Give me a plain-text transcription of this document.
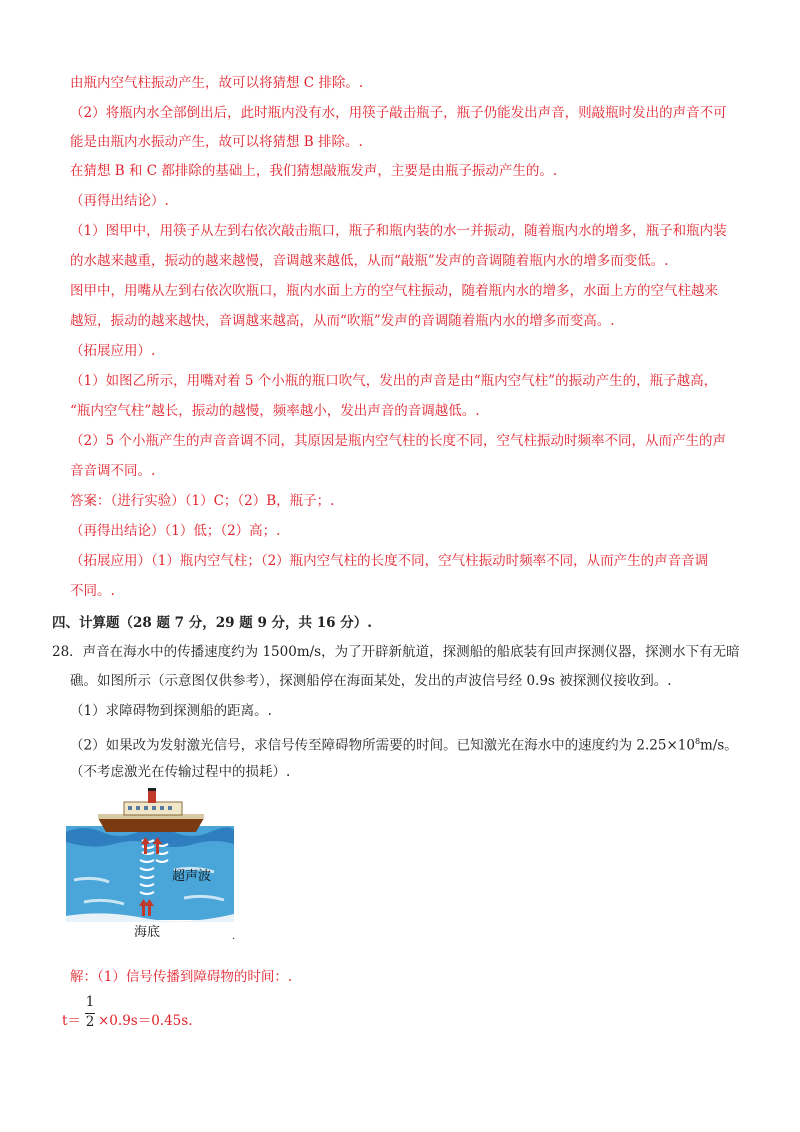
由瓶内空气柱振动产生，故可以将猜想 C 排除。.
（2）将瓶内水全部倒出后，此时瓶内没有水，用筷子敲击瓶子，瓶子仍能发出声音，则敲瓶时发出的声音不可
能是由瓶内水振动产生，故可以将猜想 B 排除。.
在猜想 B 和 C 都排除的基础上，我们猜想敲瓶发声，主要是由瓶子振动产生的。.
（再得出结论）.
（1）图甲中，用筷子从左到右依次敲击瓶口，瓶子和瓶内装的水一并振动，随着瓶内水的增多，瓶子和瓶内装
的水越来越重，振动的越来越慢，音调越来越低，从而“敲瓶”发声的音调随着瓶内水的增多而变低。.
图甲中，用嘴从左到右依次吹瓶口，瓶内水面上方的空气柱振动，随着瓶内水的增多，水面上方的空气柱越来
越短，振动的越来越快，音调越来越高，从而“吹瓶”发声的音调随着瓶内水的增多而变高。.
（拓展应用）.
（1）如图乙所示，用嘴对着 5 个小瓶的瓶口吹气，发出的声音是由“瓶内空气柱”的振动产生的，瓶子越高，
“瓶内空气柱”越长，振动的越慢，频率越小，发出声音的音调越低。.
（2）5 个小瓶产生的声音音调不同，其原因是瓶内空气柱的长度不同，空气柱振动时频率不同，从而产生的声
音音调不同。.
答案：（进行实验）（1）C；（2）B，瓶子；.
（再得出结论）（1）低；（2）高；.
（拓展应用）（1）瓶内空气柱；（2）瓶内空气柱的长度不同，空气柱振动时频率不同，从而产生的声音音调
不同。.
四、计算题（28 题 7 分，29 题 9 分，共 16 分）.
28．声音在海水中的传播速度约为 1500m/s，为了开辟新航道，探测船的船底装有回声探测仪器，探测水下有无暗
礁。如图所示（示意图仅供参考），探测船停在海面某处，发出的声波信号经 0.9s 被探测仪接收到。.
（1）求障碍物到探测船的距离。.
（2）如果改为发射激光信号，求信号传至障碍物所需要的时间。已知激光在海水中的速度约为 $2.25\times 10^8m/s$。
（不考虑激光在传输过程中的损耗）.
超声波
海底	.
解：（1）信号传播到障碍物的时间：.
t＝
1
2 ×0.9s＝0.45s.
